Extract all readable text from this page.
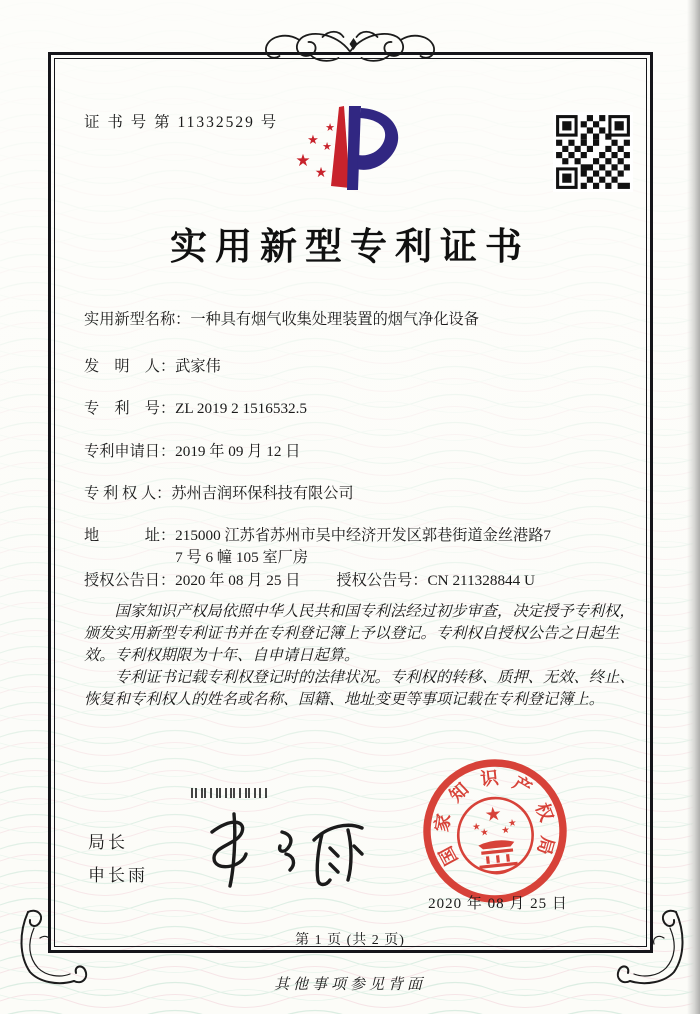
证 书 号 第 11332529 号	★
★ ★
★
★
实用新型专利证书
实用新型名称： 一种具有烟气收集处理装置的烟气净化设备
发　明　人： 武家伟
专　利　号： ZL 2019 2 1516532.5
专利申请日： 2019 年 09 月 12 日
专 利 权 人： 苏州吉润环保科技有限公司
地　　　址： 215000 江苏省苏州市吴中经济开发区郭巷街道金丝港路7
7 号 6 幢 105 室厂房
授权公告日： 2020 年 08 月 25 日 授权公告号： CN 211328844 U

国家知识产权局依照中华人民共和国专利法经过初步审查，决定授予专利权，颁发实用新型专利证书并在专利登记簿上予以登记。专利权自授权公告之日起生效。专利权期限为十年、自申请日起算。

专利证书记载专利权登记时的法律状况。专利权的转移、质押、无效、终止、恢复和专利权人的姓名或名称、国籍、地址变更等事项记载在专利登记簿上。

局长
申长雨
国
家
知
识 产
权
局
★
★	★
★ ★
2020 年 08 月 25 日
第 1 页 (共 2 页)
其他事项参见背面
